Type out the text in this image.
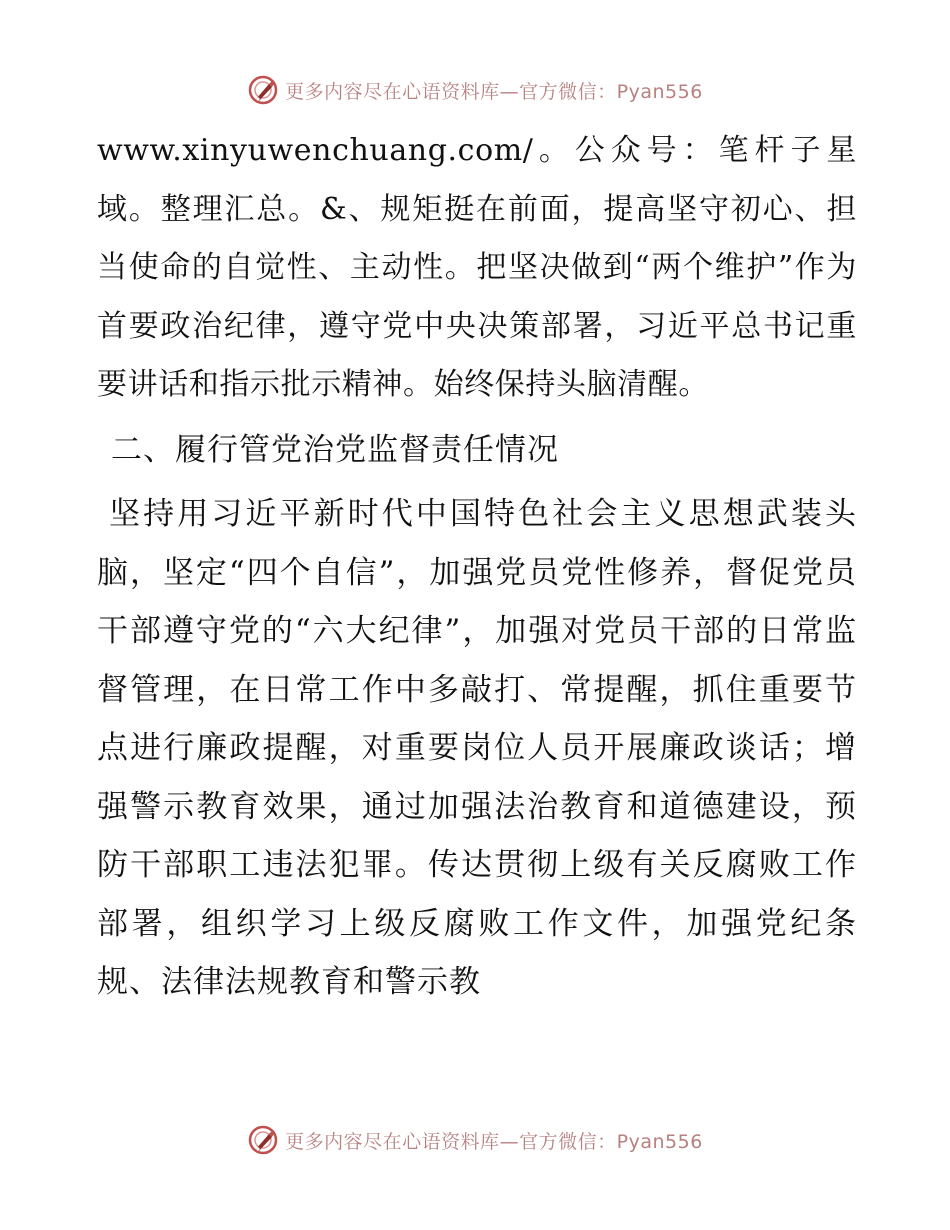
更多内容尽在心语资料库—官方微信：Pyan556

www.xinyuwenchuang.com/。公众号：笔杆子星域。整理汇总。&、规矩挺在前面，提高坚守初心、担当使命的自觉性、主动性。把坚决做到“两个维护”作为首要政治纪律，遵守党中央决策部署，习近平总书记重要讲话和指示批示精神。始终保持头脑清醒。

二、履行管党治党监督责任情况

坚持用习近平新时代中国特色社会主义思想武装头脑，坚定“四个自信”，加强党员党性修养，督促党员干部遵守党的“六大纪律”，加强对党员干部的日常监督管理，在日常工作中多敲打、常提醒，抓住重要节点进行廉政提醒，对重要岗位人员开展廉政谈话；增强警示教育效果，通过加强法治教育和道德建设，预防干部职工违法犯罪。传达贯彻上级有关反腐败工作部署，组织学习上级反腐败工作文件，加强党纪条规、法律法规教育和警示教

更多内容尽在心语资料库—官方微信：Pyan556
